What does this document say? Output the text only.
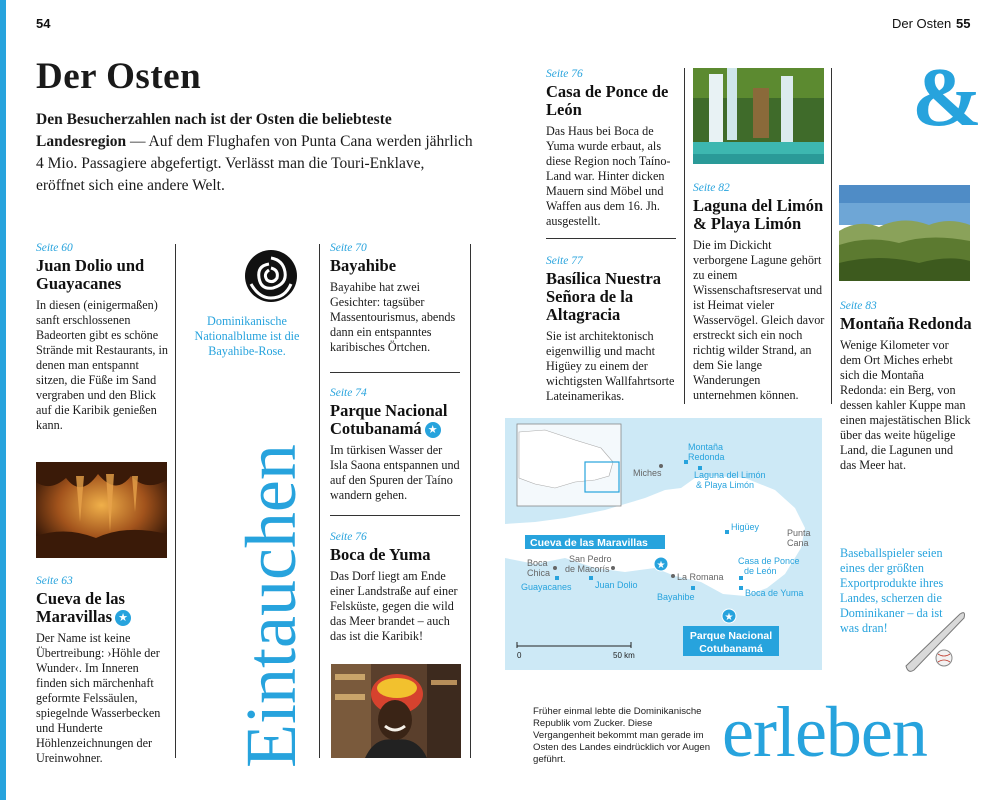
54	Der Osten 55
Der Osten

Den Besucherzahlen nach ist der Osten die beliebteste Landesregion — Auf dem Flughafen von Punta Cana werden jährlich 4 Mio. Passagiere abgefertigt. Verlässt man die Touri-Enklave, eröffnet sich eine andere Welt.

Seite 60
Juan Dolio und Guayacanes
In diesen (einigermaßen) sanft erschlossenen Badeorten gibt es schöne Strände mit Restaurants, in denen man entspannt sitzen, die Füße im Sand vergraben und den Blick auf die Karibik genießen kann.
Seite 63
Cueva de las Maravillas ★
Der Name ist keine Übertreibung: ›Höhle der Wunder‹. Im Inneren finden sich märchenhaft geformte Felssäulen, spiegelnde Wasserbecken und Hunderte Höhlenzeichnungen der Ureinwohner.
Dominikanische Nationalblume ist die Bayahibe-Rose.
Eintauchen
Seite 70
Bayahibe
Bayahibe hat zwei Gesichter: tagsüber Massentourismus, abends dann ein entspanntes karibisches Örtchen.
Seite 74
Parque Nacional Cotubanamá ★
Im türkisen Wasser der Isla Saona entspannen und auf den Spuren der Taíno wandern gehen.
Seite 76
Boca de Yuma
Das Dorf liegt am Ende einer Landstraße auf einer Felsküste, gegen die wild das Meer brandet – auch das ist die Karibik!
Seite 76
Casa de Ponce de León
Das Haus bei Boca de Yuma wurde erbaut, als diese Region noch Taíno-Land war. Hinter dicken Mauern sind Möbel und Waffen aus dem 16. Jh. ausgestellt.
Seite 77
Basílica Nuestra Señora de la Altagracia
Sie ist architektonisch eigenwillig und macht Higüey zu einem der wichtigsten Wallfahrtsorte Lateinamerikas.
Seite 82
Laguna del Limón & Playa Limón
Die im Dickicht verborgene Lagune gehört zu einem Wissenschaftsreservat und ist Heimat vieler Wasservögel. Gleich davor erstreckt sich ein noch richtig wilder Strand, an dem Sie lange Wanderungen unternehmen können.
&
Seite 83
Montaña Redonda
Wenige Kilometer vor dem Ort Miches erhebt sich die Montaña Redonda: ein Berg, von dessen kahler Kuppe man einen majestätischen Blick über das weite hügelige Land, die Lagunen und das Meer hat.
Miches
Montaña
Redonda
Laguna del Limón
& Playa Limón
Higüey
Punta
Cana
Cueva de las Maravillas
★
Boca
Chica
San Pedro
de Macorís
Guayacanes	Juan Dolio
La Romana
Casa de Ponce
de León
Boca de Yuma
Bayahibe
★
Parque Nacional
Cotubanamá
0	50 km
Baseballspieler seien eines der größten Exportprodukte ihres Landes, scherzen die Dominikaner – da ist was dran!
Früher einmal lebte die Dominikanische Republik vom Zucker. Diese Vergangenheit bekommt man gerade im Osten des Landes eindrücklich vor Augen geführt.	erleben
